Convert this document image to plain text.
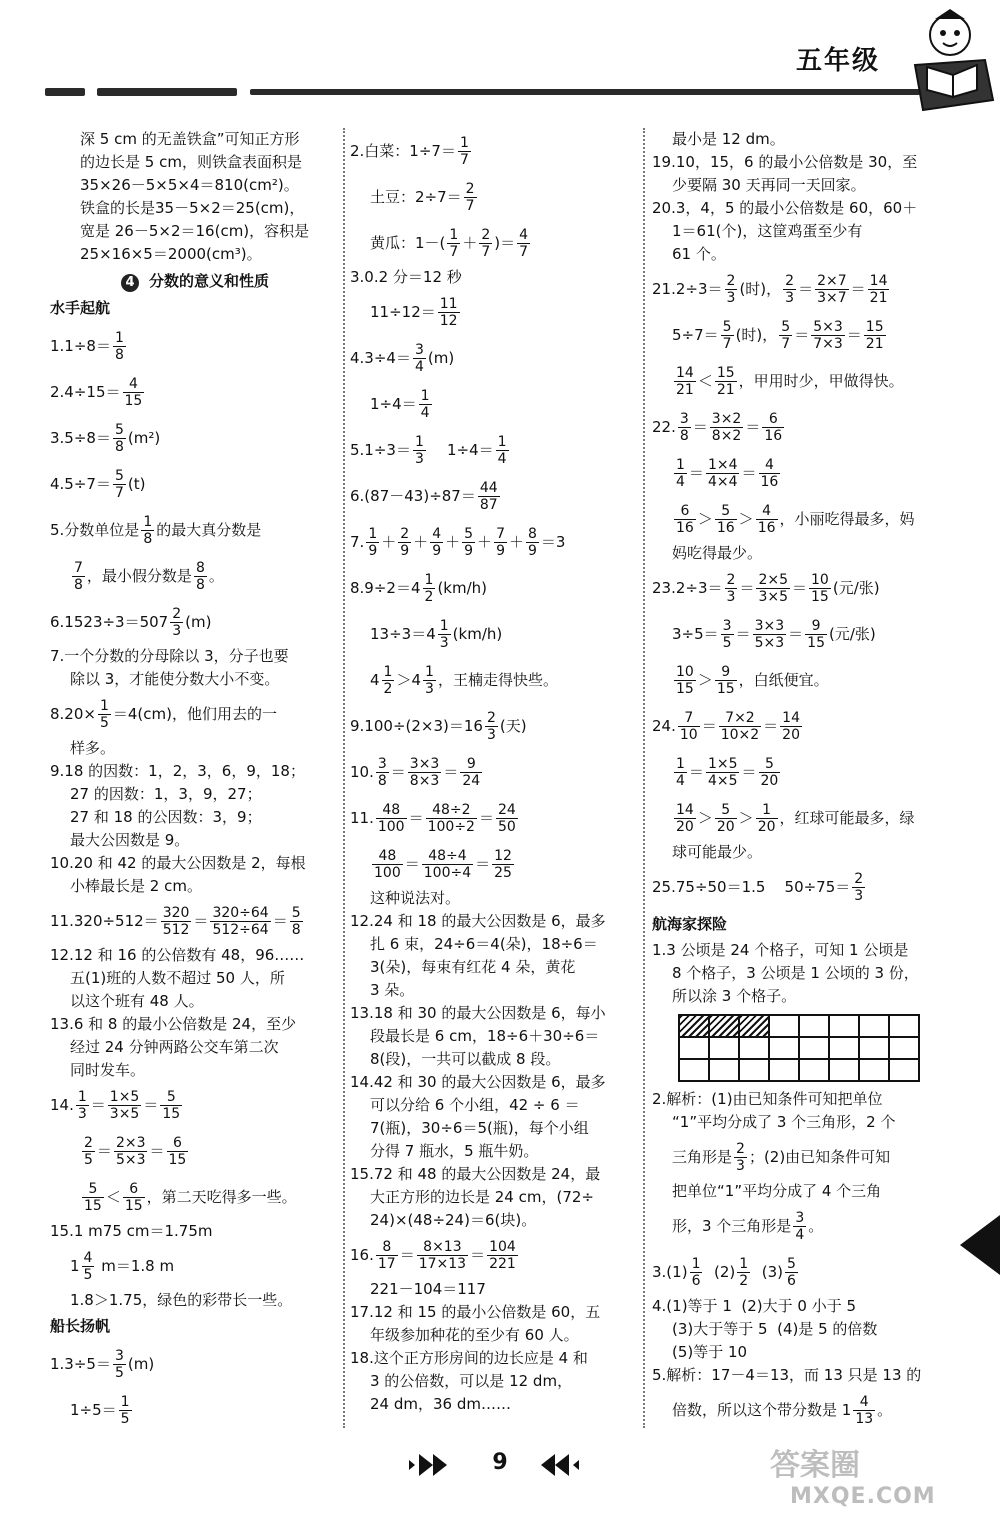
五年级
深 5 cm 的无盖铁盒”可知正方形
的边长是 5 cm，则铁盒表面积是
35×26－5×5×4＝810(cm²)。
铁盒的长是35－5×2＝25(cm)，
宽是 26－5×2＝16(cm)，容积是
25×16×5＝2000(cm³)。
4 分数的意义和性质
水手起航
$1.1\div 8= \frac{1}{8}$
$2.4\div 15= \frac{4}{15}$
$3.5\div 8= \frac{5}{8} (m^2)$
$4.5\div 7= \frac{5}{7} (t)$
5.分数单位是 $\frac{1}{8}$ 的最大真分数是
$\frac{7}{8}$ ，最小假分数是 $\frac{8}{8}$ 。
$6.1523\div 3=507 \frac{2}{3} (m)$
7.一个分数的分母除以 3，分子也要
除以 3，才能使分数大小不变。
$8.20\times \frac{1}{5} =4(cm)$，他们用去的一
样多。
9.18 的因数：1，2，3，6，9，18；
27 的因数：1，3，9，27；
27 和 18 的公因数：3，9；
最大公因数是 9。
10.20 和 42 的最大公因数是 2，每根
小棒最长是 2 cm。
$11.320\div 512= \frac{320}{512} = \frac{320\div 64}{512\div 64} = \frac{5}{8}$
12.12 和 16 的公倍数有 48，96……
五(1)班的人数不超过 50 人，所
以这个班有 48 人。
13.6 和 8 的最小公倍数是 24，至少
经过 24 分钟两路公交车第二次
同时发车。
14. $\frac{1}{3} = \frac{1\times 5}{3\times 5} = \frac{5}{15}$
$\frac{2}{5} = \frac{2\times 3}{5\times 3} = \frac{6}{15}$
$\frac{5}{15} < \frac{6}{15}$ ，第二天吃得多一些。
15.1 m75 cm＝1.75m
$1 \frac{4}{5} m=1.8$ m
1.8＞1.75，绿色的彩带长一些。
船长扬帆
$1.3\div 5= \frac{3}{5} (m)$
$1\div 5= \frac{1}{5}$
2.白菜：$1\div 7= \frac{1}{7}$
土豆：$2\div 7= \frac{2}{7}$
黄瓜：$1-( \frac{1}{7} + \frac{2}{7}$ )＝ $\frac{4}{7}$
3.0.2 分＝12 秒
$11\div 12= \frac{11}{12}$
$4.3\div 4= \frac{3}{4} (m)$
$1\div 4= \frac{1}{4}$
$5.1\div 3= \frac{1}{3}$
$1\div 4= \frac{1}{4}$
$6.(87-43)\div 87= \frac{44}{87}$
7. $\frac{1}{9} + \frac{2}{9} + \frac{4}{9} + \frac{5}{9} + \frac{7}{9} + \frac{8}{9} =3$
$8.9\div 2=4 \frac{1}{2} (km/h)$
$13\div 3=4 \frac{1}{3} (km/h)$
$4 \frac{1}{2} >4 \frac{1}{3}$ ，王楠走得快些。
$9.100\div(2\times 3)=16 \frac{2}{3}$ (天)
10. $\frac{3}{8} = \frac{3\times 3}{8\times 3} = \frac{9}{24}$
11. $\frac{48}{100} = \frac{48\div 2}{100\div 2} = \frac{24}{50}$
$\frac{48}{100} = \frac{48\div 4}{100\div 4} = \frac{12}{25}$
这种说法对。
12.24 和 18 的最大公因数是 6，最多
扎 6 束，24÷6＝4(朵)，18÷6＝
3(朵)，每束有红花 4 朵，黄花
3 朵。
13.18 和 30 的最大公因数是 6，每小
段最长是 6 cm，18÷6＋30÷6＝
8(段)，一共可以截成 8 段。
14.42 和 30 的最大公因数是 6，最多
可以分给 6 个小组，42 ÷ 6 ＝
7(瓶)，30÷6＝5(瓶)，每个小组
分得 7 瓶水，5 瓶牛奶。
15.72 和 48 的最大公因数是 24，最
大正方形的边长是 24 cm，(72÷
24)×(48÷24)＝6(块)。
16. $\frac{8}{17} = \frac{8\times 13}{17\times 13} = \frac{104}{221}$
221－104＝117
17.12 和 15 的最小公倍数是 60，五
年级参加种花的至少有 60 人。
18.这个正方形房间的边长应是 4 和
3 的公倍数，可以是 12 dm，
24 dm，36 dm……
最小是 12 dm。
19.10，15，6 的最小公倍数是 30，至
少要隔 30 天再同一天回家。
20.3，4，5 的最小公倍数是 60，60＋
1＝61(个)，这筐鸡蛋至少有
61 个。
$21.2\div 3= \frac{2}{3}$ (时)， $\frac{2}{3} = \frac{2\times 7}{3\times 7} = \frac{14}{21}$
$5\div 7= \frac{5}{7}$ (时)， $\frac{5}{7} = \frac{5\times 3}{7\times 3} = \frac{15}{21}$
$\frac{14}{21} < \frac{15}{21}$ ，甲用时少，甲做得快。
22. $\frac{3}{8} = \frac{3\times 2}{8\times 2} = \frac{6}{16}$
$\frac{1}{4} = \frac{1\times 4}{4\times 4} = \frac{4}{16}$
$\frac{6}{16} > \frac{5}{16} > \frac{4}{16}$ ，小丽吃得最多，妈
妈吃得最少。
$23.2\div 3= \frac{2}{3} = \frac{2\times 5}{3\times 5} = \frac{10}{15}$ (元/张)
$3\div 5= \frac{3}{5} = \frac{3\times 3}{5\times 3} = \frac{9}{15}$ (元/张)
$\frac{10}{15} > \frac{9}{15}$ ，白纸便宜。
24. $\frac{7}{10} = \frac{7\times 2}{10\times 2} = \frac{14}{20}$
$\frac{1}{4} = \frac{1\times 5}{4\times 5} = \frac{5}{20}$
$\frac{14}{20} > \frac{5}{20} > \frac{1}{20}$ ，红球可能最多，绿
球可能最少。
25.75÷50＝1.5    $50\div 75= \frac{2}{3}$
航海家探险
1.3 公顷是 24 个格子，可知 1 公顷是
8 个格子，3 公顷是 1 公顷的 3 份，
所以涂 3 个格子。

2.解析：(1)由已知条件可知把单位
“1”平均分成了 3 个三角形，2 个
三角形是 $\frac{2}{3}$ ；(2)由已知条件可知
把单位“1”平均分成了 4 个三角
形，3 个三角形是 $\frac{3}{4}$ 。
$3.(1) \frac{1}{6} (2) \frac{1}{2} (3) \frac{5}{6}$
4.(1)等于 1  (2)大于 0 小于 5
(3)大于等于 5  (4)是 5 的倍数
(5)等于 10
5.解析：17－4＝13，而 13 只是 13 的
倍数，所以这个带分数是 $1 \frac{4}{13}$ 。
9	答案圈
MXQE.COM
